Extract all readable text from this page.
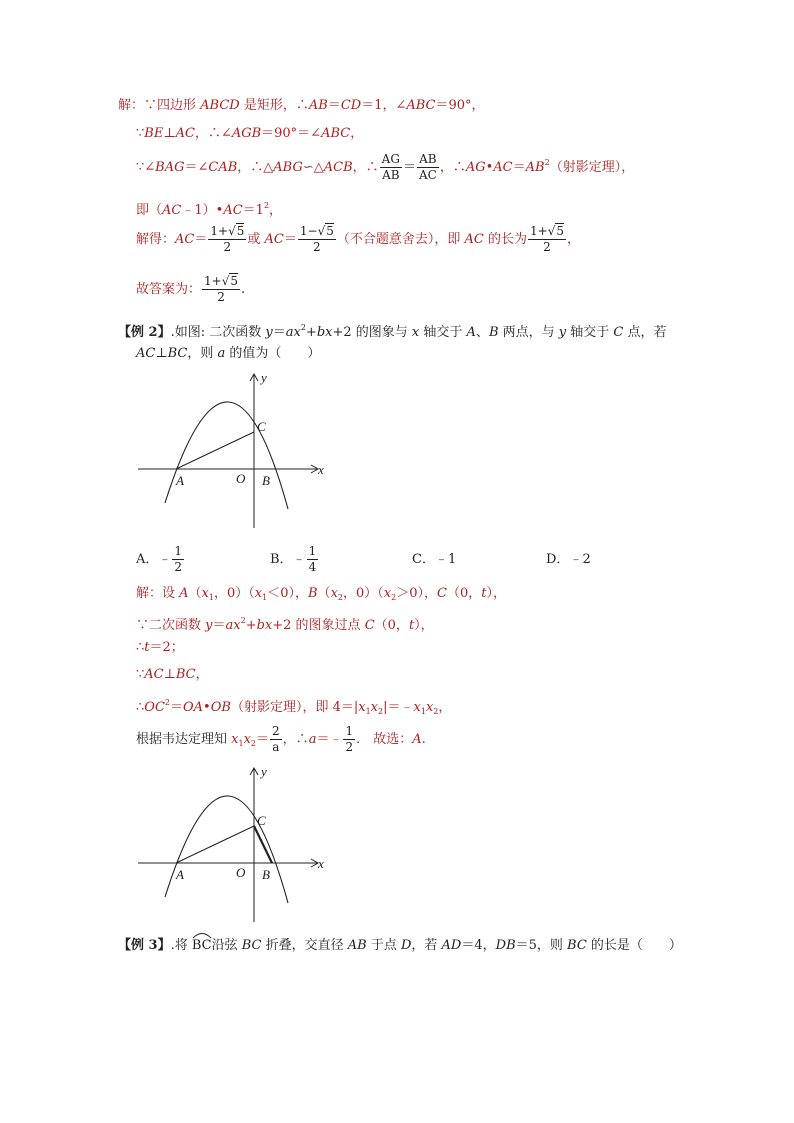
解：∵四边形 ABCD 是矩形，∴AB＝CD＝1，∠ABC＝90°，
∵BE⊥AC，∴∠AGB＝90°＝∠ABC，
∵∠BAG＝∠CAB，∴△ABG∽△ACB，∴ $\frac{AG}{AB} = \frac{AB}{AC}$ ，$\therefore AG•AC=AB^2$（射影定理），
即$(AC﹣1)•AC=1^2$，
解得：$AC= \frac{1+√5}{2}$ 或 $AC= \frac{1-√5}{2}$ （不合题意舍去），即 AC 的长为 $\frac{1+√5}{2}$ ，
故答案为： $\frac{1+√5}{2}$ .
【例 2】.如图: 二次函数 $y=ax^2+bx+2$ 的图象与 x 轴交于 A、B 两点，与 y 轴交于 C 点，若
AC⊥BC，则 a 的值为（　　）
y
x
C
A	O B
A．﹣ $\frac{1}{2}$	B．﹣ $\frac{1}{4}$	C．﹣1	D．﹣2
解：设 $A(x_1$，$0)(x_1<0)$，$B(x_2$，$0)(x_2>0)$，C（0，t），
∵二次函数 $y=ax^2+bx+2$ 的图象过点 C（0，t），
∴t＝2；
∵AC⊥BC，
$\therefore OC^2=OA•OB$（射影定理），即 $4=|x_1x_2|=﹣x_1x_2$，
根据韦达定理知 $x_1x_2= \frac{2}{a}$ ，∴a＝﹣ $\frac{1}{2}$ ． 故选：A.
y
x
C
A	O B
【例 3】.将
BC沿弦 BC 折叠，交直径 AB 于点 D，若 AD＝4，DB＝5，则 BC 的长是（　　）
